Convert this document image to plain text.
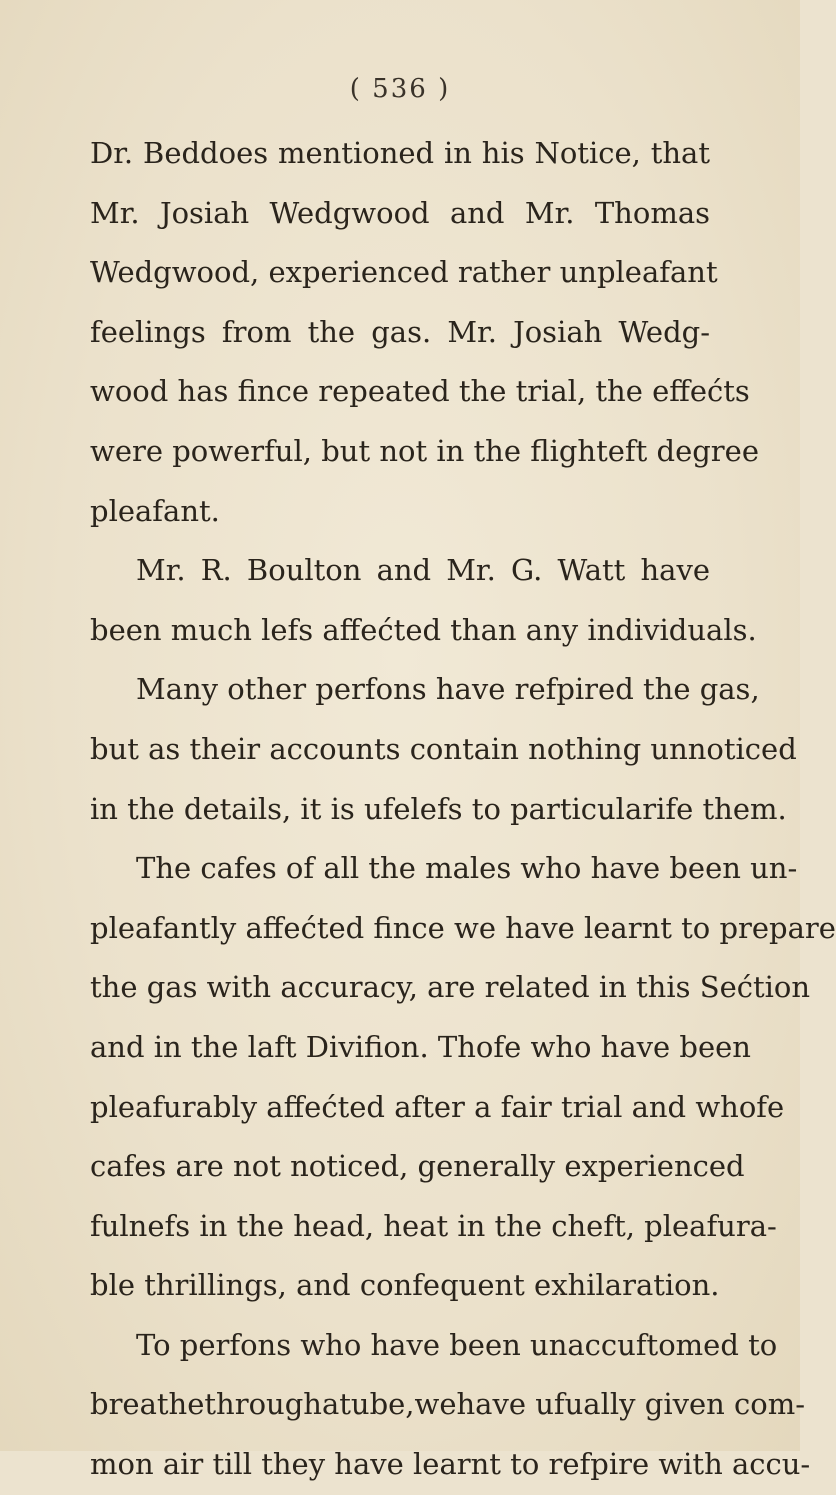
( 536 )
Dr. Beddoes mentioned in his Notice, that
Mr. Josiah Wedgwood and Mr. Thomas
Wedgwood, experienced rather unpleafant
feelings from the gas. Mr. Josiah Wedg-
wood has fince repeated the trial, the effećts
were powerful, but not in the flighteft degree
pleafant.
Mr. R. Boulton and Mr. G. Watt have
been much lefs affećted than any individuals.
Many other perfons have refpired the gas,
but as their accounts contain nothing unnoticed
in the details, it is ufelefs to particularife them.
The cafes of all the males who have been un-
pleafantly affećted fince we have learnt to prepare
the gas with accuracy, are related in this Sećtion
and in the laft Divifion. Thofe who have been
pleafurably affećted after a fair trial and whofe
cafes are not noticed, generally experienced
fulnefs in the head, heat in the cheft, pleafura-
ble thrillings, and confequent exhilaration.
To perfons who have been unaccuftomed to
breathethroughatube,wehave ufually given com-
mon air till they have learnt to refpire with accu-
